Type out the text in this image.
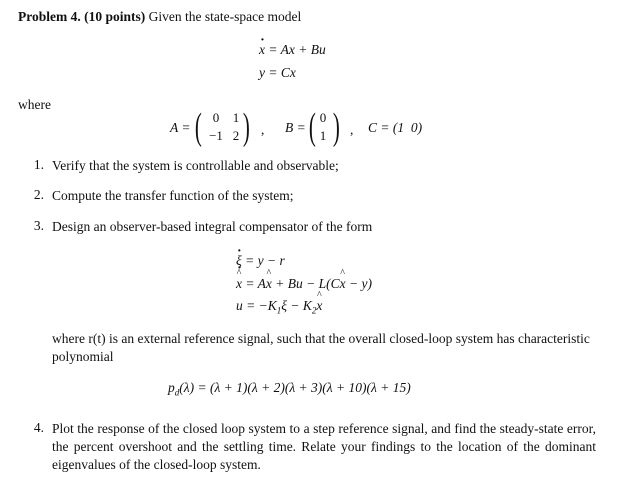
Problem 4. (10 points) Given the state-space model
x · = Ax + Bu
y = Cx
where
A = ( 0	1
−1 2 ) , B = ( 0
1 ) , C = (1  0)
1. Verify that the system is controllable and observable;
2. Compute the transfer function of the system;
3. Design an observer-based integral compensator of the form
ξ · = y − r
· x ^ = Ax ^ + Bu − L(Cx ^ − y)
$u = -K_1\xi - K_2x$ ^
where r(t) is an external reference signal, such that the overall closed-loop system has characteristic polynomial
$p_d(\lambda) = (\lambda + 1)(\lambda + 2)(\lambda + 3)(\lambda + 10)(\lambda + 15)$
4. Plot the response of the closed loop system to a step reference signal, and find the steady-state error, the percent overshoot and the settling time. Relate your findings to the location of the dominant eigenvalues of the closed-loop system.
